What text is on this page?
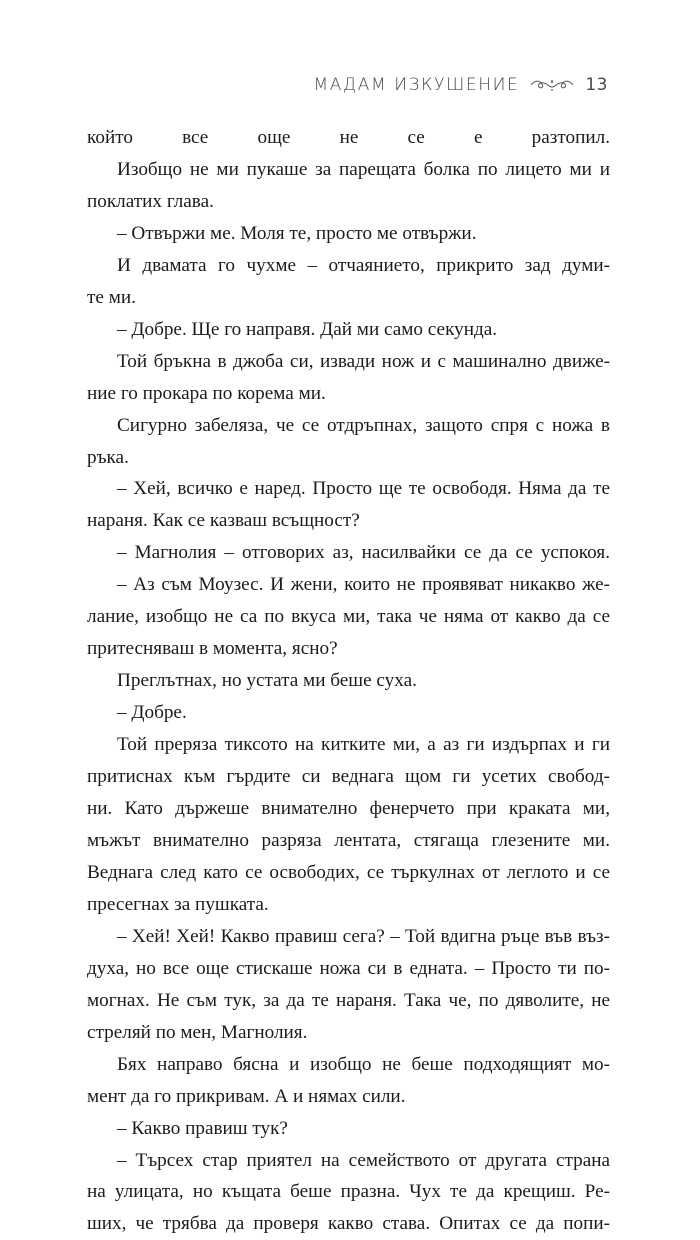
МАДАМ ИЗКУШЕНИЕ	13

който все още не се е разтопил.

Изобщо не ми пукаше за парещата болка по лицето ми и

поклатих глава.

– Отвържи ме. Моля те, просто ме отвържи.

И двамата го чухме – отчаянието, прикрито зад думи-

те ми.

– Добре. Ще го направя. Дай ми само секунда.

Той бръкна в джоба си, извади нож и с машинално движе-

ние го прокара по корема ми.

Сигурно забеляза, че се отдръпнах, защото спря с ножа в

ръка.

– Хей, всичко е наред. Просто ще те освободя. Няма да те

нараня. Как се казваш всъщност?

– Магнолия – отговорих аз, насилвайки се да се успокоя.

– Аз съм Моузес. И жени, които не проявяват никакво же-

лание, изобщо не са по вкуса ми, така че няма от какво да се

притесняваш в момента, ясно?

Преглътнах, но устата ми беше суха.

– Добре.

Той преряза тиксото на китките ми, а аз ги издърпах и ги

притиснах към гърдите си веднага щом ги усетих свобод-

ни. Като държеше внимателно фенерчето при краката ми,

мъжът внимателно разряза лентата, стягаща глезените ми.

Веднага след като се освободих, се търкулнах от леглото и се

пресегнах за пушката.

– Хей! Хей! Какво правиш сега? – Той вдигна ръце във въз-

духа, но все още стискаше ножа си в едната. – Просто ти по-

могнах. Не съм тук, за да те нараня. Така че, по дяволите, не

стреляй по мен, Магнолия.

Бях направо бясна и изобщо не беше подходящият мо-

мент да го прикривам. А и нямах сили.

– Какво правиш тук?

– Търсех стар приятел на семейството от другата страна

на улицата, но къщата беше празна. Чух те да крещиш. Ре-

ших, че трябва да проверя какво става. Опитах се да попи-
